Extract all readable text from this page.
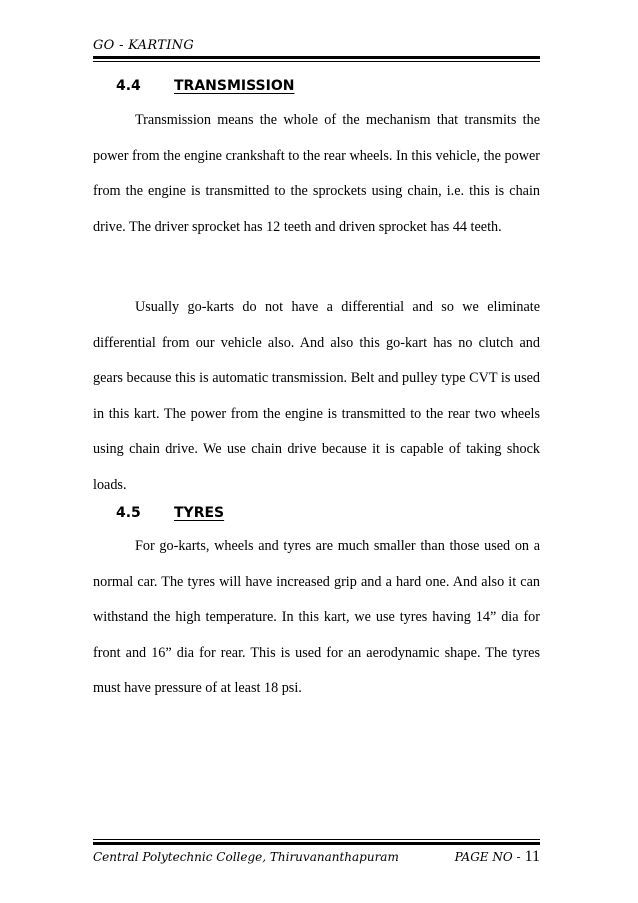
GO - KARTING
4.4 TRANSMISSION

Transmission means the whole of the mechanism that transmits the power from the engine crankshaft to the rear wheels. In this vehicle, the power from the engine is transmitted to the sprockets using chain, i.e. this is chain drive. The driver sprocket has 12 teeth and driven sprocket has 44 teeth.

Usually go-karts do not have a differential and so we eliminate differential from our vehicle also. And also this go-kart has no clutch and gears because this is automatic transmission. Belt and pulley type CVT is used in this kart. The power from the engine is transmitted to the rear two wheels using chain drive. We use chain drive because it is capable of taking shock loads.

4.5 TYRES

For go-karts, wheels and tyres are much smaller than those used on a normal car. The tyres will have increased grip and a hard one. And also it can withstand the high temperature. In this kart, we use tyres having 14” dia for front and 16” dia for rear. This is used for an aerodynamic shape. The tyres must have pressure of at least 18 psi.

Central Polytechnic College, Thiruvananthapuram	PAGE NO - 11
